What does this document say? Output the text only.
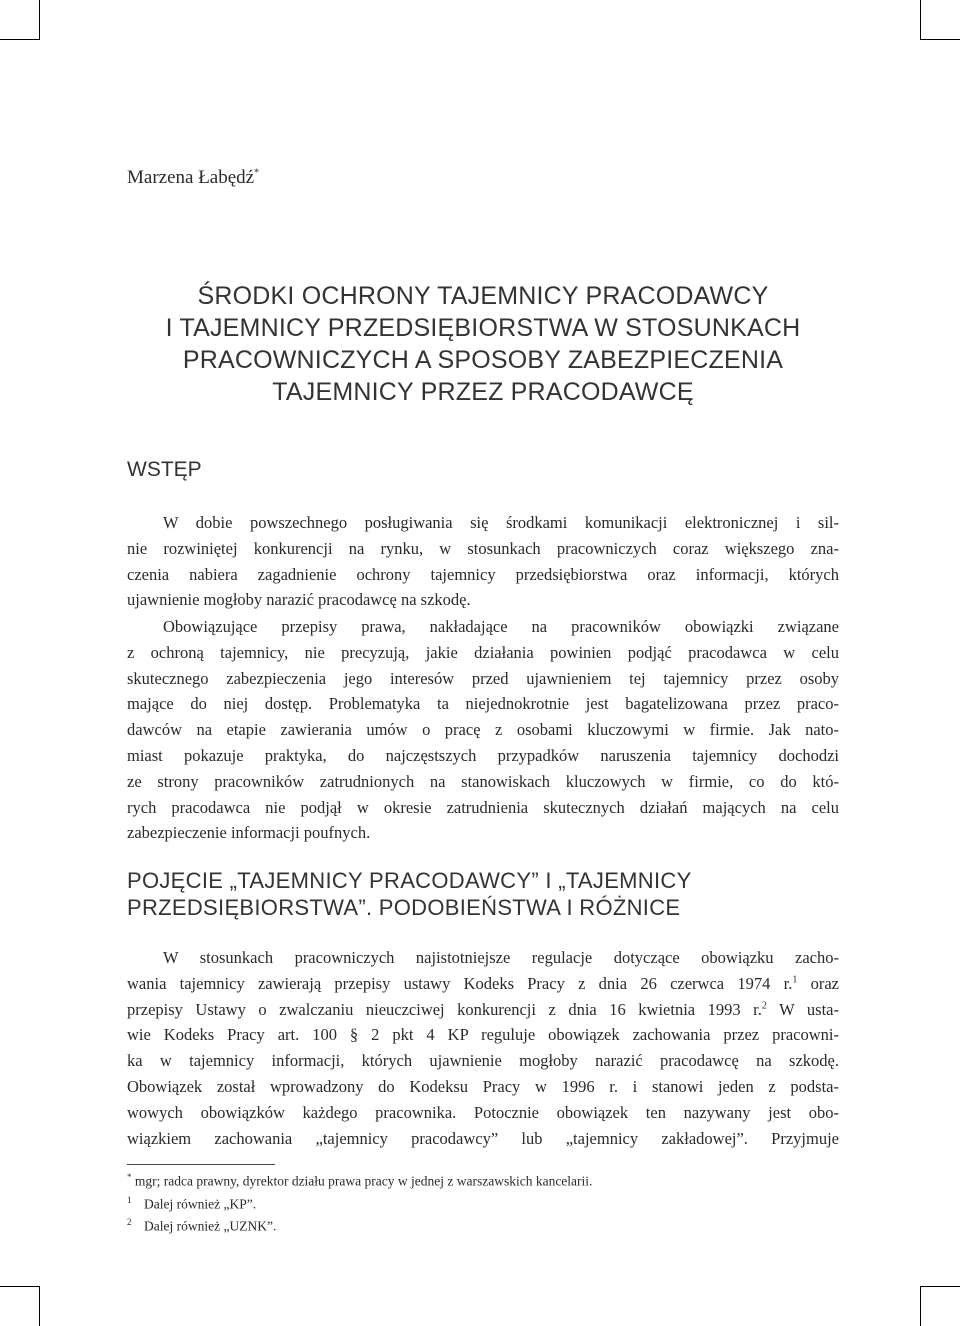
Marzena Łabędź*
ŚRODKI OCHRONY TAJEMNICY PRACODAWCY
I TAJEMNICY PRZEDSIĘBIORSTWA W STOSUNKACH
PRACOWNICZYCH A SPOSOBY ZABEZPIECZENIA
TAJEMNICY PRZEZ PRACODAWCĘ
WSTĘP
W dobie powszechnego posługiwania się środkami komunikacji elektronicznej i sil-
nie rozwiniętej konkurencji na rynku, w stosunkach pracowniczych coraz większego zna-
czenia nabiera zagadnienie ochrony tajemnicy przedsiębiorstwa oraz informacji, których
ujawnienie mogłoby narazić pracodawcę na szkodę.
Obowiązujące przepisy prawa, nakładające na pracowników obowiązki związane
z ochroną tajemnicy, nie precyzują, jakie działania powinien podjąć pracodawca w celu
skutecznego zabezpieczenia jego interesów przed ujawnieniem tej tajemnicy przez osoby
mające do niej dostęp. Problematyka ta niejednokrotnie jest bagatelizowana przez praco-
dawców na etapie zawierania umów o pracę z osobami kluczowymi w firmie. Jak nato-
miast pokazuje praktyka, do najczęstszych przypadków naruszenia tajemnicy dochodzi
ze strony pracowników zatrudnionych na stanowiskach kluczowych w firmie, co do któ-
rych pracodawca nie podjął w okresie zatrudnienia skutecznych działań mających na celu
zabezpieczenie informacji poufnych.
POJĘCIE „TAJEMNICY PRACODAWCY” I „TAJEMNICY
PRZEDSIĘBIORSTWA”. PODOBIEŃSTWA I RÓŻNICE
W stosunkach pracowniczych najistotniejsze regulacje dotyczące obowiązku zacho-
wania tajemnicy zawierają przepisy ustawy Kodeks Pracy z dnia 26 czerwca 1974 r.$^1$ oraz
przepisy Ustawy o zwalczaniu nieuczciwej konkurencji z dnia 16 kwietnia 1993 r.$^2$ W usta-
wie Kodeks Pracy art. 100 § 2 pkt 4 KP reguluje obowiązek zachowania przez pracowni-
ka w tajemnicy informacji, których ujawnienie mogłoby narazić pracodawcę na szkodę.
Obowiązek został wprowadzony do Kodeksu Pracy w 1996 r. i stanowi jeden z podsta-
wowych obowiązków każdego pracownika. Potocznie obowiązek ten nazywany jest obo-
wiązkiem zachowania „tajemnicy pracodawcy” lub „tajemnicy zakładowej”. Przyjmuje
* mgr; radca prawny, dyrektor działu prawa pracy w jednej z warszawskich kancelarii.
1 Dalej również „KP”.
2 Dalej również „UZNK”.
